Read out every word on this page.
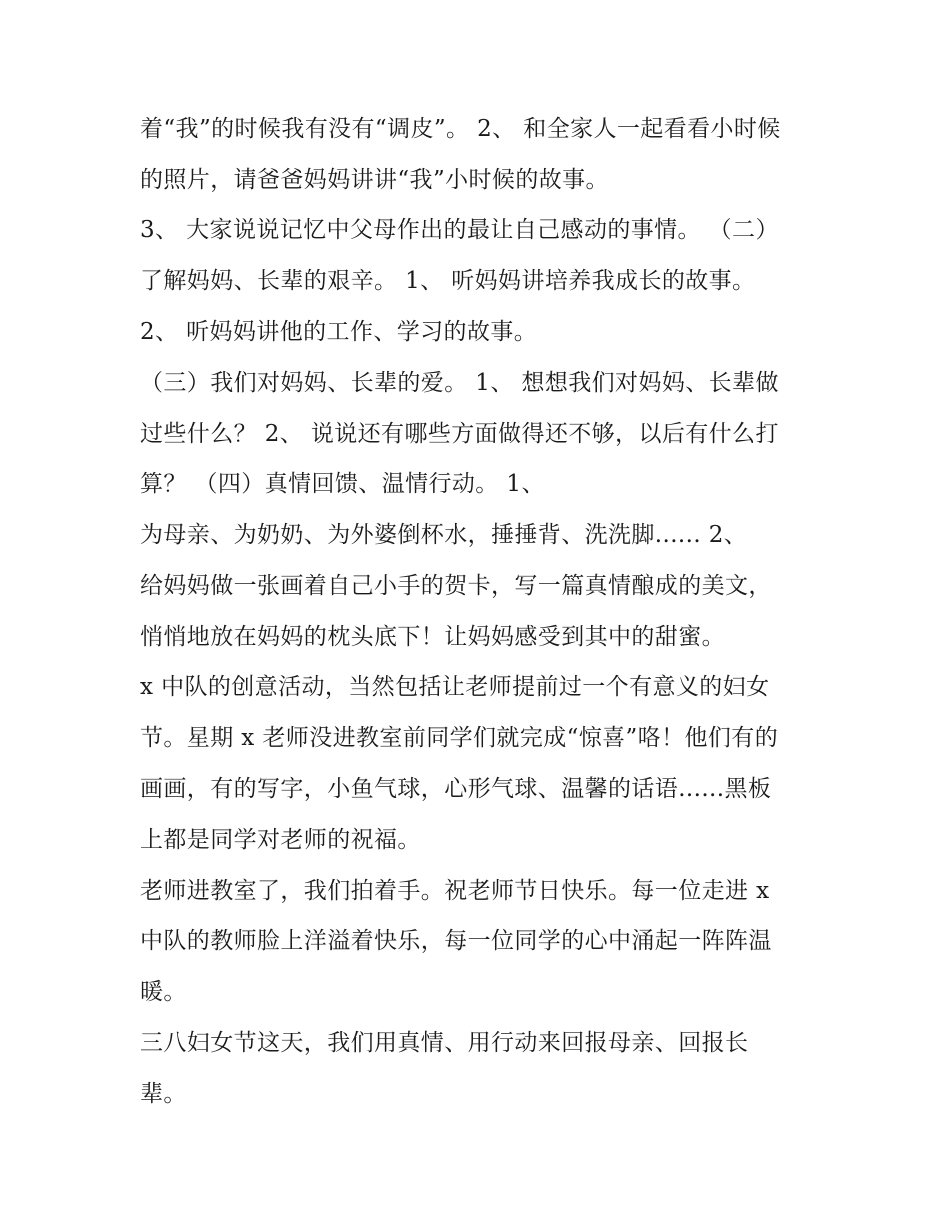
着“我”的时候我有没有“调皮”。 2、 和全家人一起看看小时候
的照片，请爸爸妈妈讲讲“我”小时候的故事。
3、 大家说说记忆中父母作出的最让自己感动的事情。 （二）
了解妈妈、长辈的艰辛。 1、 听妈妈讲培养我成长的故事。
2、 听妈妈讲他的工作、学习的故事。
（三）我们对妈妈、长辈的爱。 1、 想想我们对妈妈、长辈做
过些什么？ 2、 说说还有哪些方面做得还不够，以后有什么打
算？ （四）真情回馈、温情行动。 1、
为母亲、为奶奶、为外婆倒杯水，捶捶背、洗洗脚...... 2、
给妈妈做一张画着自己小手的贺卡，写一篇真情酿成的美文，
悄悄地放在妈妈的枕头底下！让妈妈感受到其中的甜蜜。
x 中队的创意活动，当然包括让老师提前过一个有意义的妇女
节。星期 x 老师没进教室前同学们就完成“惊喜”咯！他们有的
画画，有的写字，小鱼气球，心形气球、温馨的话语......黑板
上都是同学对老师的祝福。
老师进教室了，我们拍着手。祝老师节日快乐。每一位走进 x
中队的教师脸上洋溢着快乐，每一位同学的心中涌起一阵阵温
暖。
三八妇女节这天，我们用真情、用行动来回报母亲、回报长
辈。
